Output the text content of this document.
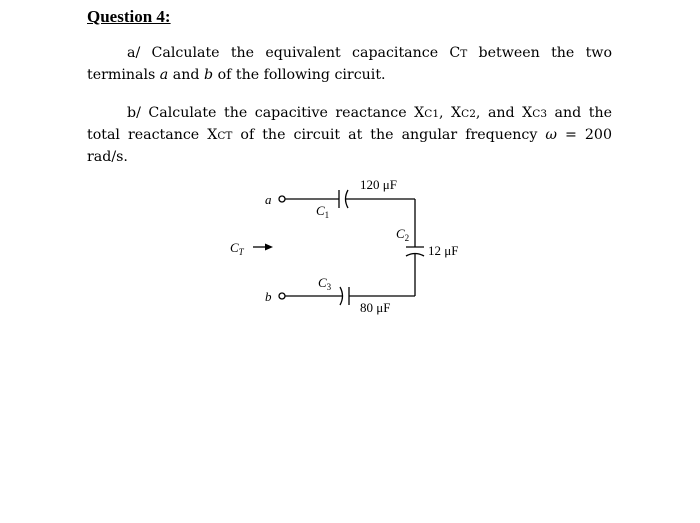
Question 4:
a/ Calculate the equivalent capacitance CT between the two terminals a and b of the following circuit.
b/ Calculate the capacitive reactance XC1, XC2, and XC3 and the total reactance XCT of the circuit at the angular frequency ω = 200 rad/s.
a
b
$C_T$
$C_1$
120 μF
$C_2$
12 μF
$C_3$
80 μF
